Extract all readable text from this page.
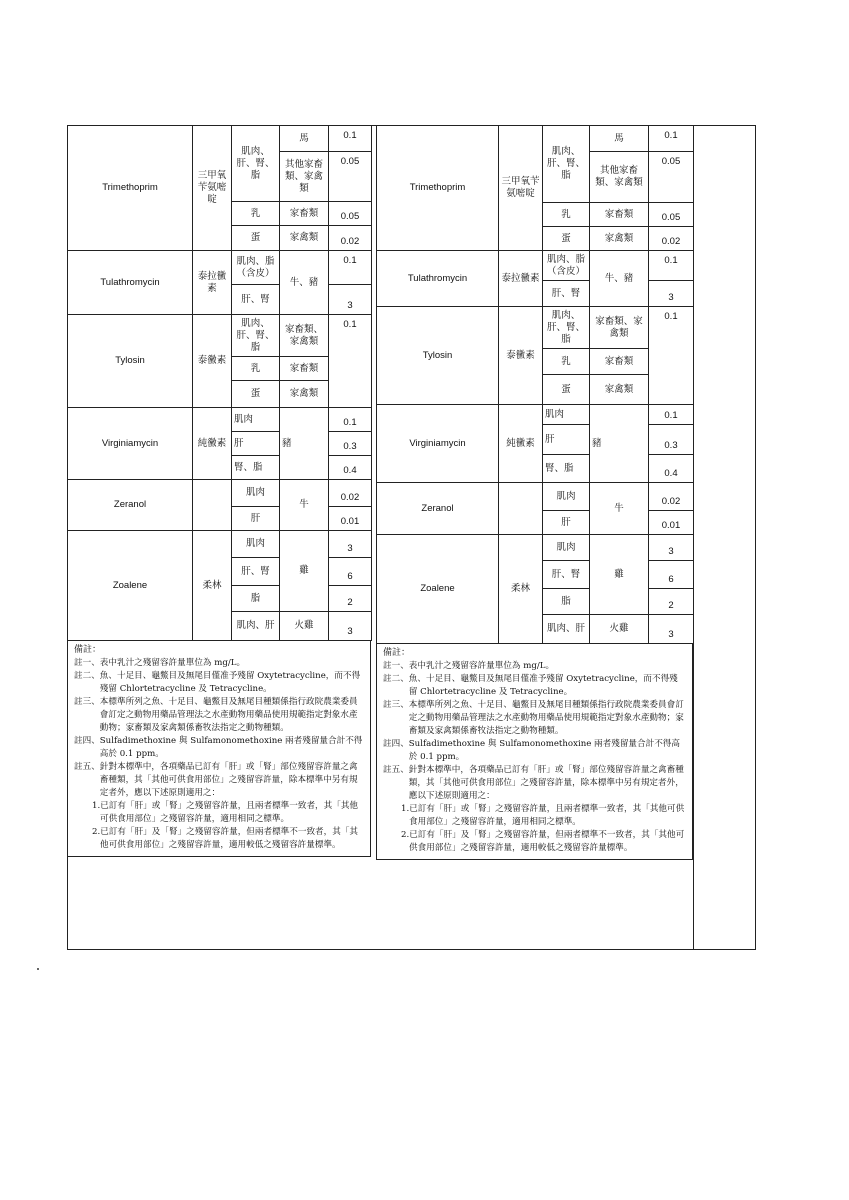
Trimethoprim	三甲氧苄氨嘧啶	肌肉、肝、腎、脂	馬	0.1
			其他家畜類、家禽類	0.05
		乳	家畜類	0.05
		蛋	家禽類	0.02
Tulathromycin	泰拉黴素	肌肉、脂（含皮）	牛、豬	0.1
		肝、腎		3
Tylosin	泰黴素	肌肉、肝、腎、脂	家畜類、家禽類	0.1
		乳	家畜類	
		蛋	家禽類	
Virginiamycin	純黴素	肌肉	豬	0.1
		肝		0.3
		腎、脂		0.4
Zeranol		肌肉	牛	0.02
		肝		0.01
Zoalene	柔林	肌肉	雞	3
		肝、腎		6
		脂		2
		肌肉、肝	火雞	3
備註：
註一、 表中乳汁之殘留容許量單位為 mg/L。
註二、 魚、十足目、龜鱉目及無尾目僅准予殘留 Oxytetracycline，而不得殘留 Chlortetracycline 及 Tetracycline。
註三、 本標準所列之魚、十足目、龜鱉目及無尾目種類係指行政院農業委員會訂定之動物用藥品管理法之水產動物用藥品使用規範指定對象水產動物；家畜類及家禽類係畜牧法指定之動物種類。
註四、 Sulfadimethoxine 與 Sulfamonomethoxine 兩者殘留量合計不得高於 0.1 ppm。
註五、 針對本標準中，各項藥品已訂有「肝」或「腎」部位殘留容許量之禽畜種類，其「其他可供食用部位」之殘留容許量，除本標準中另有規定者外，應以下述原則適用之：
1.已訂有「肝」或「腎」之殘留容許量，且兩者標準一致者，其「其他可供食用部位」之殘留容許量，適用相同之標準。
2.已訂有「肝」及「腎」之殘留容許量，但兩者標準不一致者，其「其他可供食用部位」之殘留容許量，適用較低之殘留容許量標準。
Trimethoprim	三甲氧苄氨嘧啶	肌肉、肝、腎、脂	馬	0.1
			其他家畜類、家禽類	0.05
		乳	家畜類	0.05
		蛋	家禽類	0.02
Tulathromycin	泰拉黴素	肌肉、脂（含皮）	牛、豬	0.1
		肝、腎		3
Tylosin	泰黴素	肌肉、肝、腎、脂	家畜類、家禽類	0.1
		乳	家畜類	
		蛋	家禽類	
Virginiamycin	純黴素	肌肉	豬	0.1
		肝		0.3
		腎、脂		0.4
Zeranol		肌肉	牛	0.02
		肝		0.01
Zoalene	柔林	肌肉	雞	3
		肝、腎		6
		脂		2
		肌肉、肝	火雞	3
備註：
註一、 表中乳汁之殘留容許量單位為 mg/L。
註二、 魚、十足目、龜鱉目及無尾目僅准予殘留 Oxytetracycline，而不得殘留 Chlortetracycline 及 Tetracycline。
註三、 本標準所列之魚、十足目、龜鱉目及無尾目種類係指行政院農業委員會訂定之動物用藥品管理法之水產動物用藥品使用規範指定對象水產動物；家畜類及家禽類係畜牧法指定之動物種類。
註四、 Sulfadimethoxine 與 Sulfamonomethoxine 兩者殘留量合計不得高於 0.1 ppm。
註五、 針對本標準中，各項藥品已訂有「肝」或「腎」部位殘留容許量之禽畜種類，其「其他可供食用部位」之殘留容許量，除本標準中另有規定者外，應以下述原則適用之：
1.已訂有「肝」或「腎」之殘留容許量，且兩者標準一致者，其「其他可供食用部位」之殘留容許量，適用相同之標準。
2.已訂有「肝」及「腎」之殘留容許量，但兩者標準不一致者，其「其他可供食用部位」之殘留容許量，適用較低之殘留容許量標準。
